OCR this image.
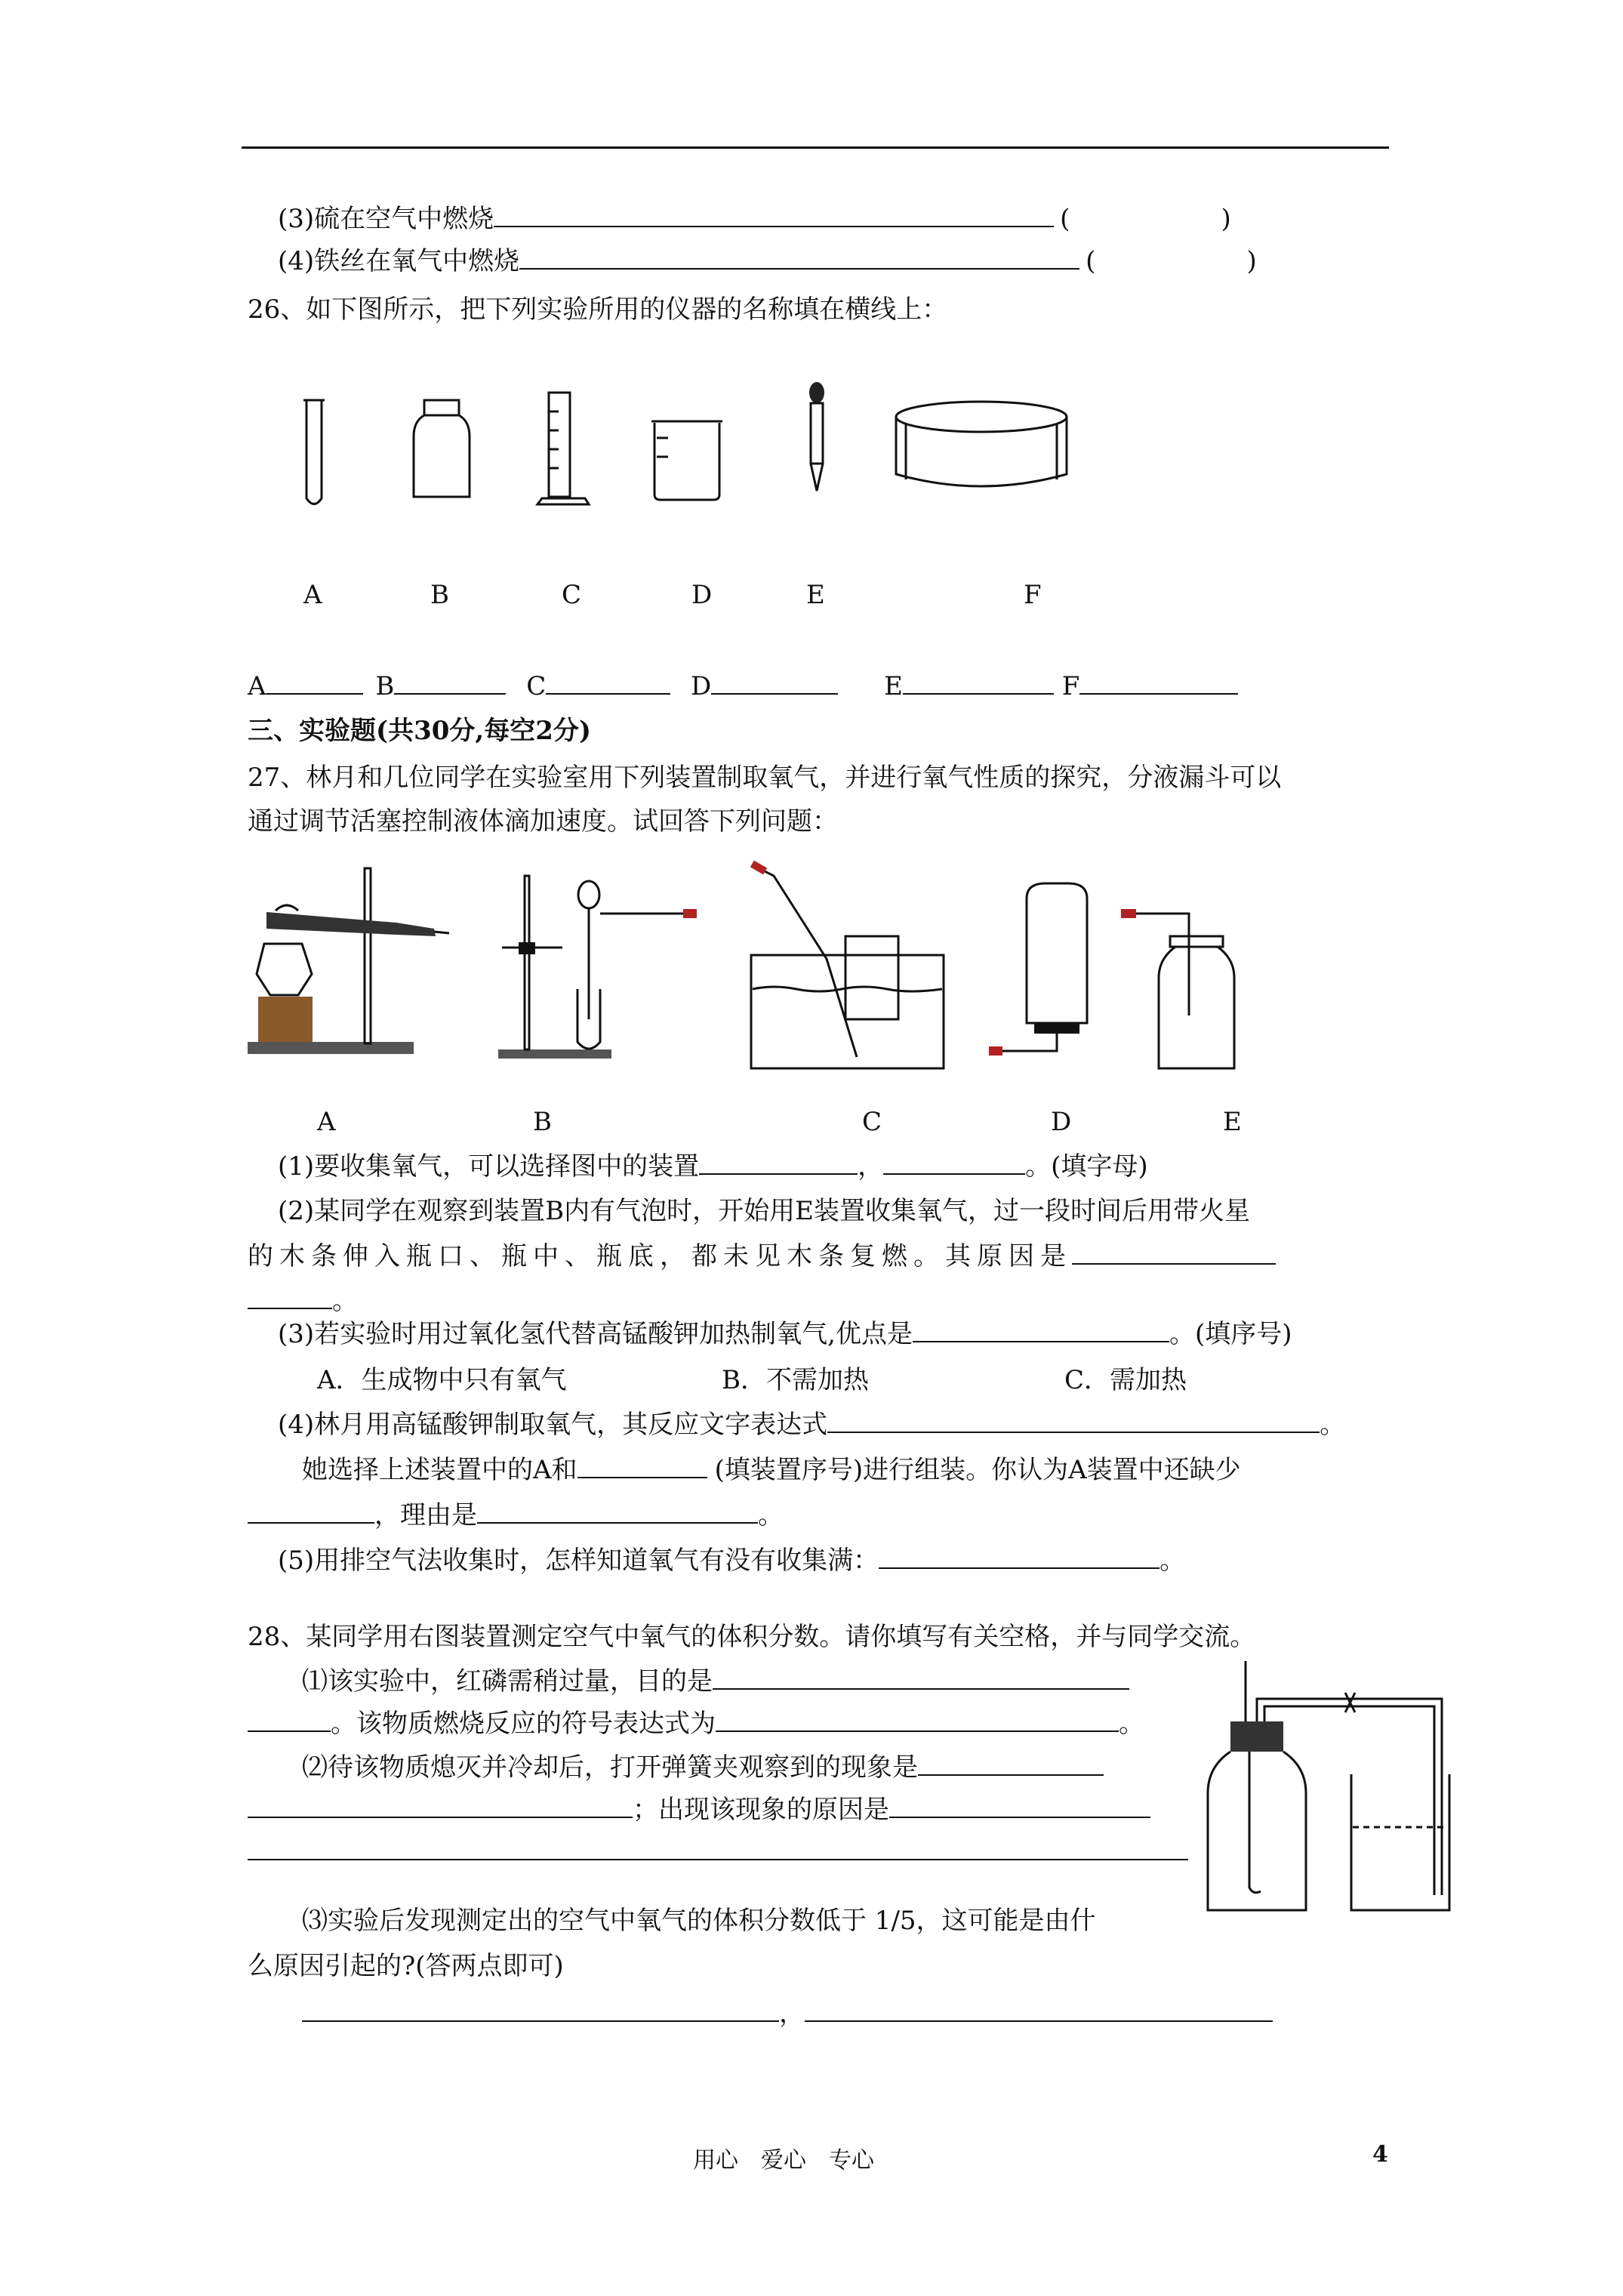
(3)硫在空气中燃烧	(	)
(4)铁丝在氧气中燃烧	(	)
26、如下图所示，把下列实验所用的仪器的名称填在横线上：
A	B	C	D	E	F
A	B	C	D	E	F
三、实验题(共30分,每空2分)
27、林月和几位同学在实验室用下列装置制取氧气，并进行氧气性质的探究，分液漏斗可以
通过调节活塞控制液体滴加速度。试回答下列问题：
A	B	C	D	E
(1)要收集氧气，可以选择图中的装置	，	。(填字母)
(2)某同学在观察到装置B内有气泡时，开始用E装置收集氧气，过一段时间后用带火星
的木条伸入瓶口、瓶中、瓶底，都未见木条复燃。其原因是
。
(3)若实验时用过氧化氢代替高锰酸钾加热制氧气,优点是	。(填序号)
A．生成物中只有氧气	B．不需加热	C．需加热
(4)林月用高锰酸钾制取氧气，其反应文字表达式	。
她选择上述装置中的A和	(填装置序号)进行组装。你认为A装置中还缺少
，理由是	。
(5)用排空气法收集时，怎样知道氧气有没有收集满：	。
28、某同学用右图装置测定空气中氧气的体积分数。请你填写有关空格，并与同学交流。
⑴该实验中，红磷需稍过量，目的是
。该物质燃烧反应的符号表达式为	。
⑵待该物质熄灭并冷却后，打开弹簧夹观察到的现象是
；出现该现象的原因是
⑶实验后发现测定出的空气中氧气的体积分数低于 1/5，这可能是由什
么原因引起的?(答两点即可)
，
用心　爱心　专心	4
